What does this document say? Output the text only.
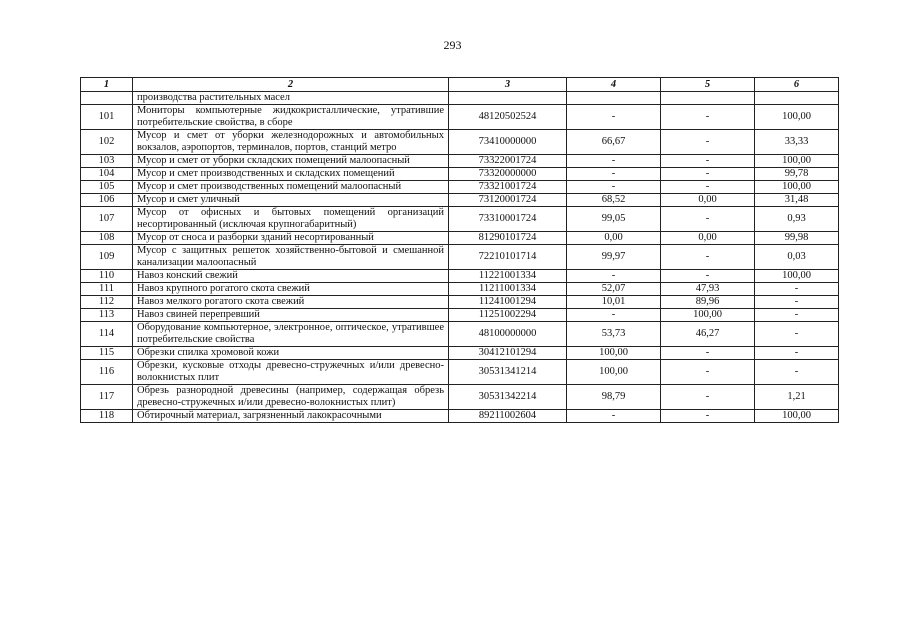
293
1	2	3	4	5	6
	производства растительных масел				
101	Мониторы компьютерные жидкокристаллические, утратившие потребительские свойства, в сборе	48120502524	-	-	100,00
102	Мусор и смет от уборки железнодорожных и автомобильных вокзалов, аэропортов, терминалов, портов, станций метро	73410000000	66,67	-	33,33
103	Мусор и смет от уборки складских помещений малоопасный	73322001724	-	-	100,00
104	Мусор и смет производственных и складских помещений	73320000000	-	-	99,78
105	Мусор и смет производственных помещений малоопасный	73321001724	-	-	100,00
106	Мусор и смет уличный	73120001724	68,52	0,00	31,48
107	Мусор от офисных и бытовых помещений организаций несортированный (исключая крупногабаритный)	73310001724	99,05	-	0,93
108	Мусор от сноса и разборки зданий несортированный	81290101724	0,00	0,00	99,98
109	Мусор с защитных решеток хозяйственно-бытовой и смешанной канализации малоопасный	72210101714	99,97	-	0,03
110	Навоз конский свежий	11221001334	-	-	100,00
111	Навоз крупного рогатого скота свежий	11211001334	52,07	47,93	-
112	Навоз мелкого рогатого скота свежий	11241001294	10,01	89,96	-
113	Навоз свиней перепревший	11251002294	-	100,00	-
114	Оборудование компьютерное, электронное, оптическое, утратившее потребительские свойства	48100000000	53,73	46,27	-
115	Обрезки спилка хромовой кожи	30412101294	100,00	-	-
116	Обрезки, кусковые отходы древесно-стружечных и/или древесно-волокнистых плит	30531341214	100,00	-	-
117	Обрезь разнородной древесины (например, содержащая обрезь древесно-стружечных и/или древесно-волокнистых плит)	30531342214	98,79	-	1,21
118	Обтирочный материал, загрязненный лакокрасочными	89211002604	-	-	100,00
